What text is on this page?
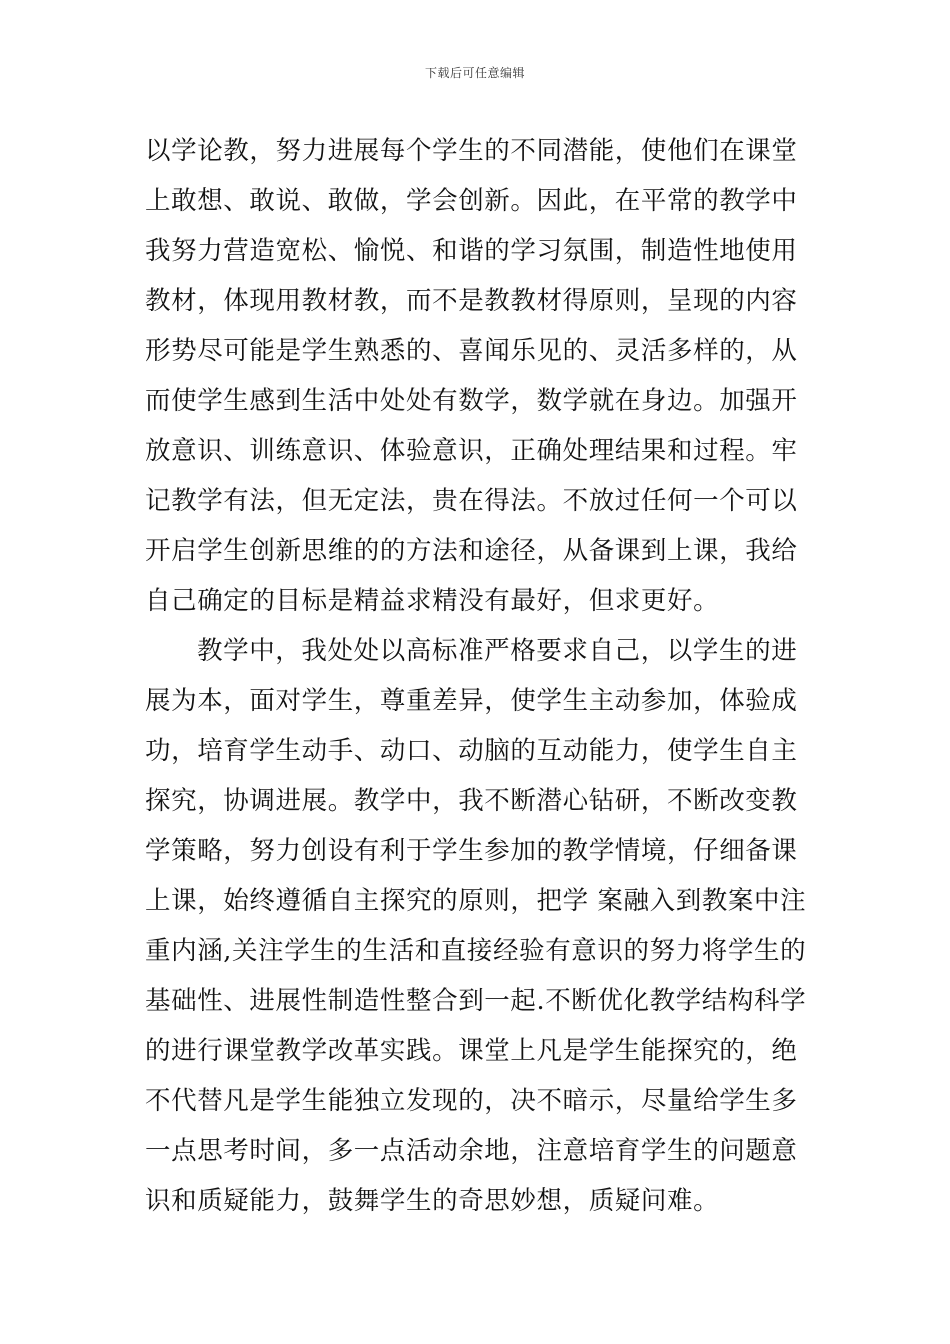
下载后可任意编辑
以学论教，努力进展每个学生的不同潜能，使他们在课堂
上敢想、敢说、敢做，学会创新。因此，在平常的教学中
我努力营造宽松、愉悦、和谐的学习氛围，制造性地使用
教材，体现用教材教，而不是教教材得原则，呈现的内容
形势尽可能是学生熟悉的、喜闻乐见的、灵活多样的，从
而使学生感到生活中处处有数学，数学就在身边。加强开
放意识、训练意识、体验意识，正确处理结果和过程。牢
记教学有法，但无定法，贵在得法。不放过任何一个可以
开启学生创新思维的的方法和途径，从备课到上课，我给
自己确定的目标是精益求精没有最好，但求更好。
教学中，我处处以高标准严格要求自己，以学生的进
展为本，面对学生，尊重差异，使学生主动参加，体验成
功，培育学生动手、动口、动脑的互动能力，使学生自主
探究，协调进展。教学中，我不断潜心钻研，不断改变教
学策略，努力创设有利于学生参加的教学情境，仔细备课
上课，始终遵循自主探究的原则，把学 案融入到教案中注
重内涵,关注学生的生活和直接经验有意识的努力将学生的
基础性、进展性制造性整合到一起.不断优化教学结构科学
的进行课堂教学改革实践。课堂上凡是学生能探究的，绝
不代替凡是学生能独立发现的，决不暗示，尽量给学生多
一点思考时间，多一点活动余地，注意培育学生的问题意
识和质疑能力，鼓舞学生的奇思妙想，质疑问难。
